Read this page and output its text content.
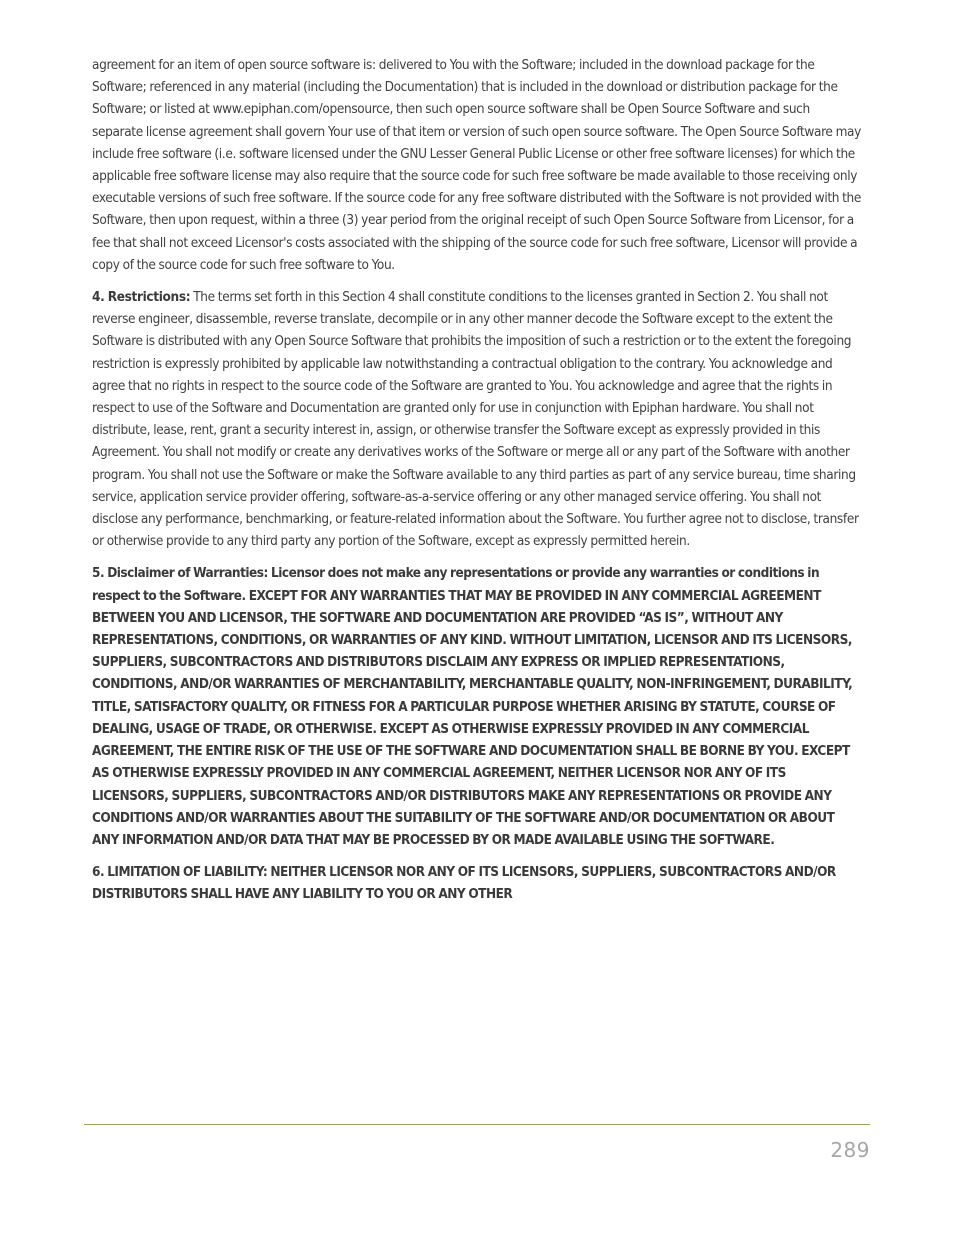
agreement for an item of open source software is: delivered to You with the Software; included in the download package for the Software; referenced in any material (including the Documentation) that is included in the download or distribution package for the Software; or listed at www.epiphan.com/opensource, then such open source software shall be Open Source Software and such separate license agreement shall govern Your use of that item or version of such open source software. The Open Source Software may include free software (i.e. software licensed under the GNU Lesser General Public License or other free software licenses) for which the applicable free software license may also require that the source code for such free software be made available to those receiving only executable versions of such free software. If the source code for any free software distributed with the Software is not provided with the Software, then upon request, within a three (3) year period from the original receipt of such Open Source Software from Licensor, for a fee that shall not exceed Licensor's costs associated with the shipping of the source code for such free software, Licensor will provide a copy of the source code for such free software to You.

4. Restrictions: The terms set forth in this Section 4 shall constitute conditions to the licenses granted in Section 2. You shall not reverse engineer, disassemble, reverse translate, decompile or in any other manner decode the Software except to the extent the Software is distributed with any Open Source Software that prohibits the imposition of such a restriction or to the extent the foregoing restriction is expressly prohibited by applicable law notwithstanding a contractual obligation to the contrary. You acknowledge and agree that no rights in respect to the source code of the Software are granted to You. You acknowledge and agree that the rights in respect to use of the Software and Documentation are granted only for use in conjunction with Epiphan hardware. You shall not distribute, lease, rent, grant a security interest in, assign, or otherwise transfer the Software except as expressly provided in this Agreement. You shall not modify or create any derivatives works of the Software or merge all or any part of the Software with another program. You shall not use the Software or make the Software available to any third parties as part of any service bureau, time sharing service, application service provider offering, software-as-a-service offering or any other managed service offering. You shall not disclose any performance, benchmarking, or feature-related information about the Software. You further agree not to disclose, transfer or otherwise provide to any third party any portion of the Software, except as expressly permitted herein.

5. Disclaimer of Warranties: Licensor does not make any representations or provide any warranties or conditions in respect to the Software. EXCEPT FOR ANY WARRANTIES THAT MAY BE PROVIDED IN ANY COMMERCIAL AGREEMENT BETWEEN YOU AND LICENSOR, THE SOFTWARE AND DOCUMENTATION ARE PROVIDED “AS IS”, WITHOUT ANY REPRESENTATIONS, CONDITIONS, OR WARRANTIES OF ANY KIND. WITHOUT LIMITATION, LICENSOR AND ITS LICENSORS, SUPPLIERS, SUBCONTRACTORS AND DISTRIBUTORS DISCLAIM ANY EXPRESS OR IMPLIED REPRESENTATIONS, CONDITIONS, AND/OR WARRANTIES OF MERCHANTABILITY, MERCHANTABLE QUALITY, NON-INFRINGEMENT, DURABILITY, TITLE, SATISFACTORY QUALITY, OR FITNESS FOR A PARTICULAR PURPOSE WHETHER ARISING BY STATUTE, COURSE OF DEALING, USAGE OF TRADE, OR OTHERWISE. EXCEPT AS OTHERWISE EXPRESSLY PROVIDED IN ANY COMMERCIAL AGREEMENT, THE ENTIRE RISK OF THE USE OF THE SOFTWARE AND DOCUMENTATION SHALL BE BORNE BY YOU. EXCEPT AS OTHERWISE EXPRESSLY PROVIDED IN ANY COMMERCIAL AGREEMENT, NEITHER LICENSOR NOR ANY OF ITS LICENSORS, SUPPLIERS, SUBCONTRACTORS AND/OR DISTRIBUTORS MAKE ANY REPRESENTATIONS OR PROVIDE ANY CONDITIONS AND/OR WARRANTIES ABOUT THE SUITABILITY OF THE SOFTWARE AND/OR DOCUMENTATION OR ABOUT ANY INFORMATION AND/OR DATA THAT MAY BE PROCESSED BY OR MADE AVAILABLE USING THE SOFTWARE.

6. LIMITATION OF LIABILITY: NEITHER LICENSOR NOR ANY OF ITS LICENSORS, SUPPLIERS, SUBCONTRACTORS AND/OR DISTRIBUTORS SHALL HAVE ANY LIABILITY TO YOU OR ANY OTHER

289
